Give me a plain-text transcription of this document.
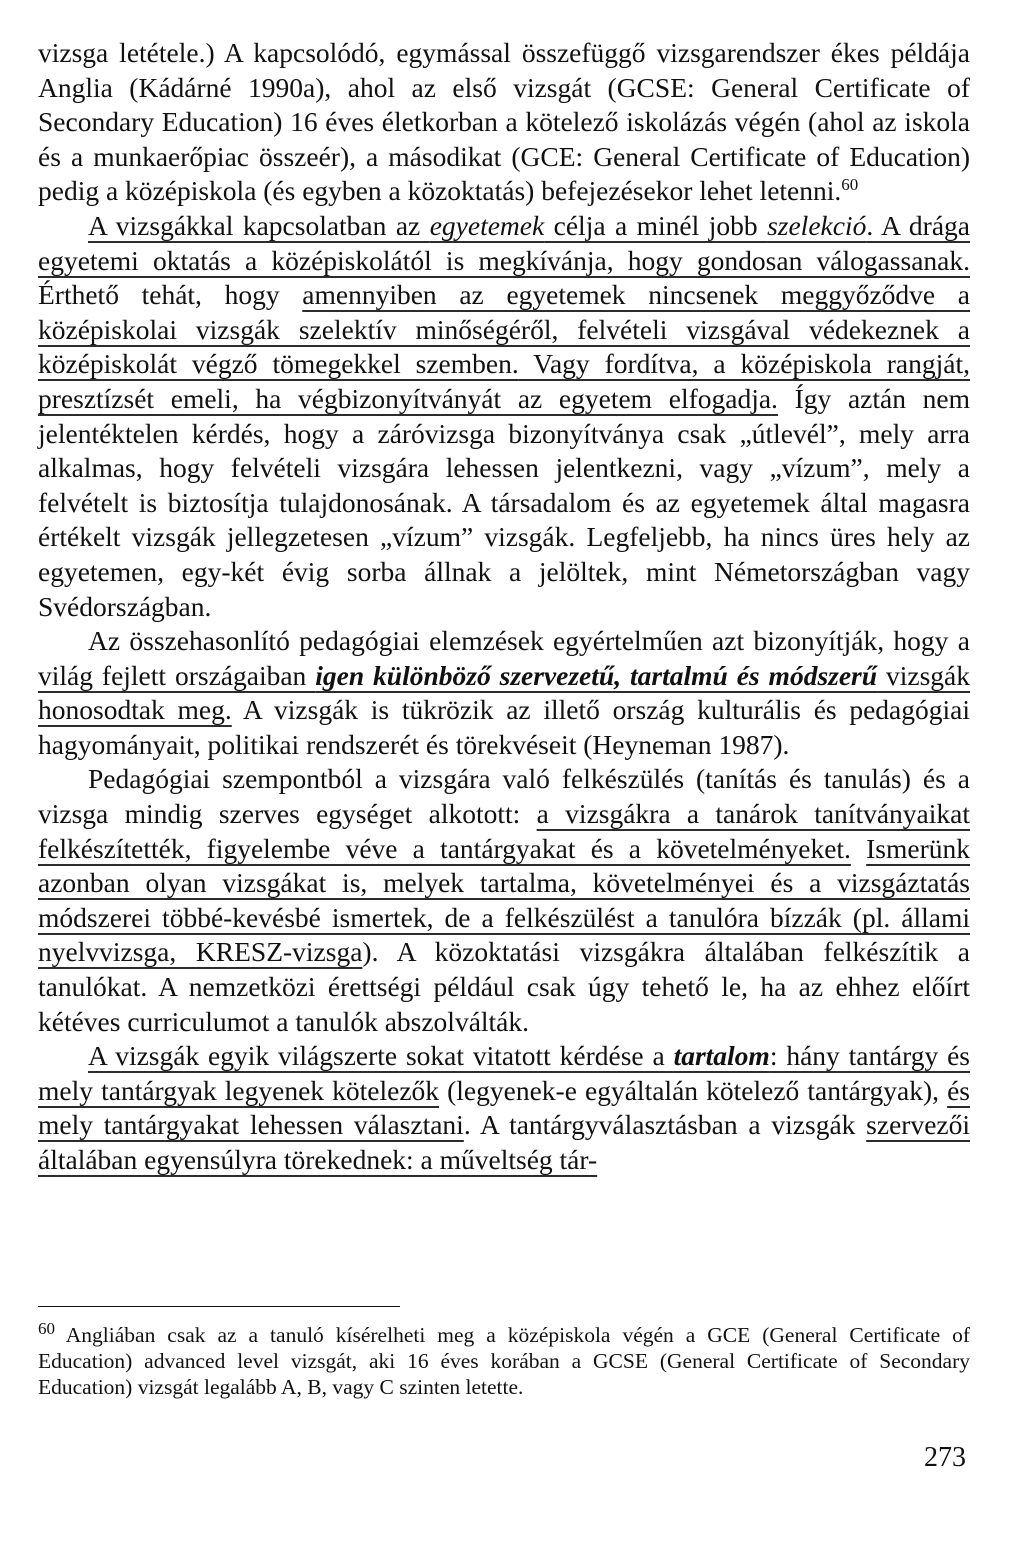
vizsga letétele.) A kapcsolódó, egymással összefüggő vizsgarendszer ékes példája Anglia (Kádárné 1990a), ahol az első vizsgát (GCSE: General Certificate of Secondary Education) 16 éves életkorban a kötelező iskolázás végén (ahol az iskola és a munkaerőpiac összeér), a másodikat (GCE: General Certificate of Education) pedig a középiskola (és egyben a közoktatás) befejezésekor lehet letenni.$^{60}$

A vizsgákkal kapcsolatban az egyetemek célja a minél jobb szelekció. A drága egyetemi oktatás a középiskolától is megkívánja, hogy gondosan válogassanak. Érthető tehát, hogy amennyiben az egyetemek nincsenek meggyőződve a középiskolai vizsgák szelektív minőségéről, felvételi vizsgával védekeznek a középiskolát végző tömegekkel szemben. Vagy fordítva, a középiskola rangját, presztízsét emeli, ha végbizonyítványát az egyetem elfogadja. Így aztán nem jelentéktelen kérdés, hogy a záróvizsga bizonyítványa csak „útlevél”, mely arra alkalmas, hogy felvételi vizsgára lehessen jelentkezni, vagy „vízum”, mely a felvételt is biztosítja tulajdonosának. A társadalom és az egyetemek által magasra értékelt vizsgák jellegzetesen „vízum” vizsgák. Legfeljebb, ha nincs üres hely az egyetemen, egy-két évig sorba állnak a jelöltek, mint Németországban vagy Svédországban.

Az összehasonlító pedagógiai elemzések egyértelműen azt bizonyítják, hogy a világ fejlett országaiban igen különböző szervezetű, tartalmú és módszerű vizsgák honosodtak meg. A vizsgák is tükrözik az illető ország kulturális és pedagógiai hagyományait, politikai rendszerét és törekvéseit (Heyneman 1987).

Pedagógiai szempontból a vizsgára való felkészülés (tanítás és tanulás) és a vizsga mindig szerves egységet alkotott: a vizsgákra a tanárok tanítványaikat felkészítették, figyelembe véve a tantárgyakat és a követelményeket. Ismerünk azonban olyan vizsgákat is, melyek tartalma, követelményei és a vizsgáztatás módszerei többé-kevésbé ismertek, de a felkészülést a tanulóra bízzák (pl. állami nyelvvizsga, KRESZ-vizsga). A közoktatási vizsgákra általában felkészítik a tanulókat. A nemzetközi érettségi például csak úgy tehető le, ha az ehhez előírt kétéves curriculumot a tanulók abszolválták.

A vizsgák egyik világszerte sokat vitatott kérdése a tartalom: hány tantárgy és mely tantárgyak legyenek kötelezők (legyenek-e egyáltalán kötelező tantárgyak), és mely tantárgyakat lehessen választani. A tantárgyválasztásban a vizsgák szervezői általában egyensúlyra törekednek: a műveltség tár-

$^{60}$ Angliában csak az a tanuló kísérelheti meg a középiskola végén a GCE (General Certificate of Education) advanced level vizsgát, aki 16 éves korában a GCSE (General Certificate of Secondary Education) vizsgát legalább A, B, vagy C szinten letette.
273
